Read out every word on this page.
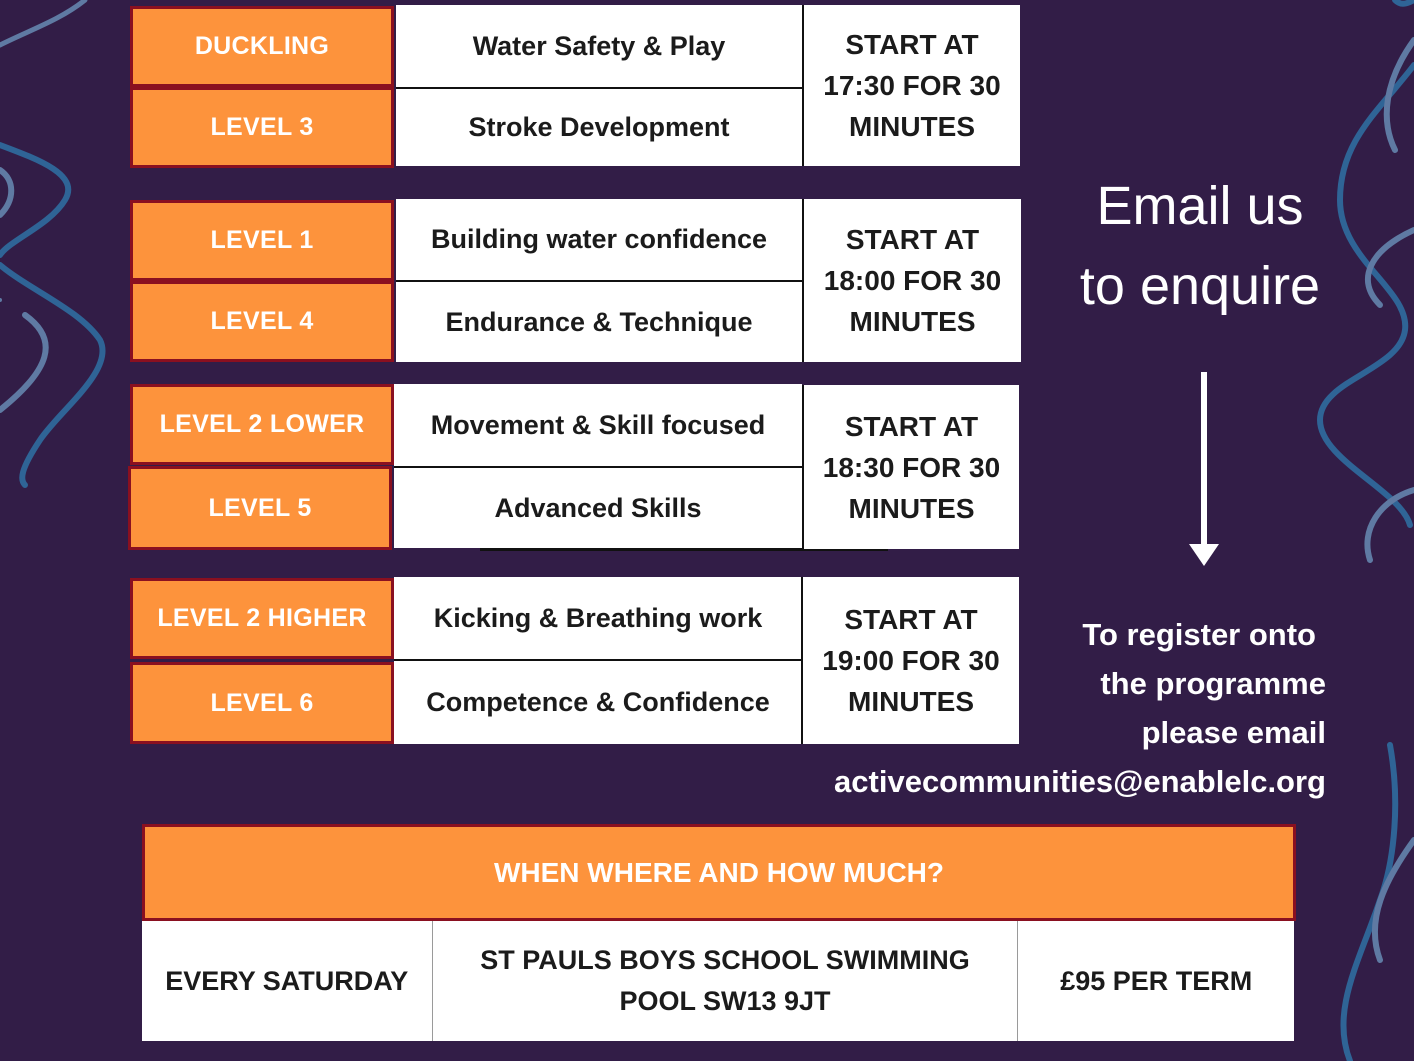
DUCKLING
LEVEL 3
Water Safety & Play
Stroke Development
START AT
17:30 FOR 30
MINUTES
LEVEL 1
LEVEL 4
Building water confidence
Endurance & Technique
START AT
18:00 FOR 30
MINUTES
LEVEL 2 LOWER
LEVEL 5
Movement & Skill focused
Advanced Skills
START AT
18:30 FOR 30
MINUTES
LEVEL 2 HIGHER
LEVEL 6
Kicking & Breathing work
Competence & Confidence
START AT
19:00 FOR 30
MINUTES
Email us
to enquire
To register onto
the programme
please email
activecommunities@enablelc.org
WHEN WHERE AND HOW MUCH?
EVERY SATURDAY
ST PAULS BOYS SCHOOL SWIMMING
POOL SW13 9JT
£95 PER TERM
